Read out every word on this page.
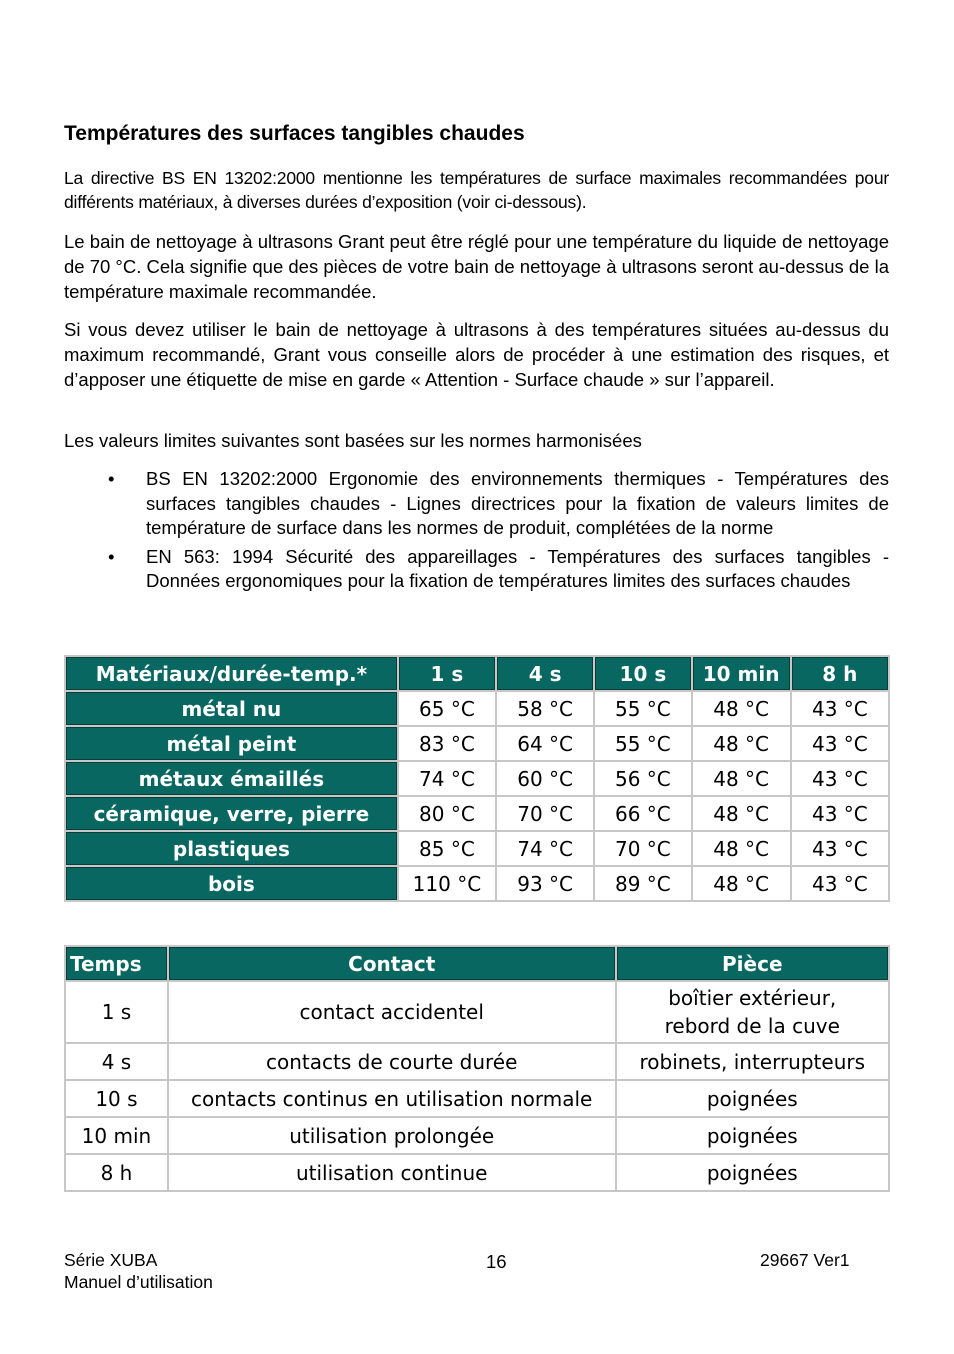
Températures des surfaces tangibles chaudes

La directive BS EN 13202:2000 mentionne les températures de surface maximales recommandées pour différents matériaux, à diverses durées d’exposition (voir ci-dessous).

Le bain de nettoyage à ultrasons Grant peut être réglé pour une température du liquide de nettoyage de 70 °C. Cela signifie que des pièces de votre bain de nettoyage à ultrasons seront au-dessus de la température maximale recommandée.

Si vous devez utiliser le bain de nettoyage à ultrasons à des températures situées au-dessus du maximum recommandé, Grant vous conseille alors de procéder à une estimation des risques, et d’apposer une étiquette de mise en garde « Attention - Surface chaude » sur l’appareil.

Les valeurs limites suivantes sont basées sur les normes harmonisées

• BS EN 13202:2000 Ergonomie des environnements thermiques - Températures des surfaces tangibles chaudes - Lignes directrices pour la fixation de valeurs limites de température de surface dans les normes de produit, complétées de la norme
• EN 563: 1994 Sécurité des appareillages - Températures des surfaces tangibles - Données ergonomiques pour la fixation de températures limites des surfaces chaudes
Matériaux/durée-temp.*	1 s	4 s	10 s	10 min	8 h
métal nu	65 °C	58 °C	55 °C	48 °C	43 °C
métal peint	83 °C	64 °C	55 °C	48 °C	43 °C
métaux émaillés	74 °C	60 °C	56 °C	48 °C	43 °C
céramique, verre, pierre	80 °C	70 °C	66 °C	48 °C	43 °C
plastiques	85 °C	74 °C	70 °C	48 °C	43 °C
bois	110 °C	93 °C	89 °C	48 °C	43 °C
Temps	Contact	Pièce
1 s	contact accidentel	boîtier extérieur,
rebord de la cuve

4 s	contacts de courte durée	robinets, interrupteurs
10 s	contacts continus en utilisation normale	poignées
10 min	utilisation prolongée	poignées
8 h	utilisation continue	poignées
Série XUBA
Manuel d’utilisation
16	29667 Ver1
